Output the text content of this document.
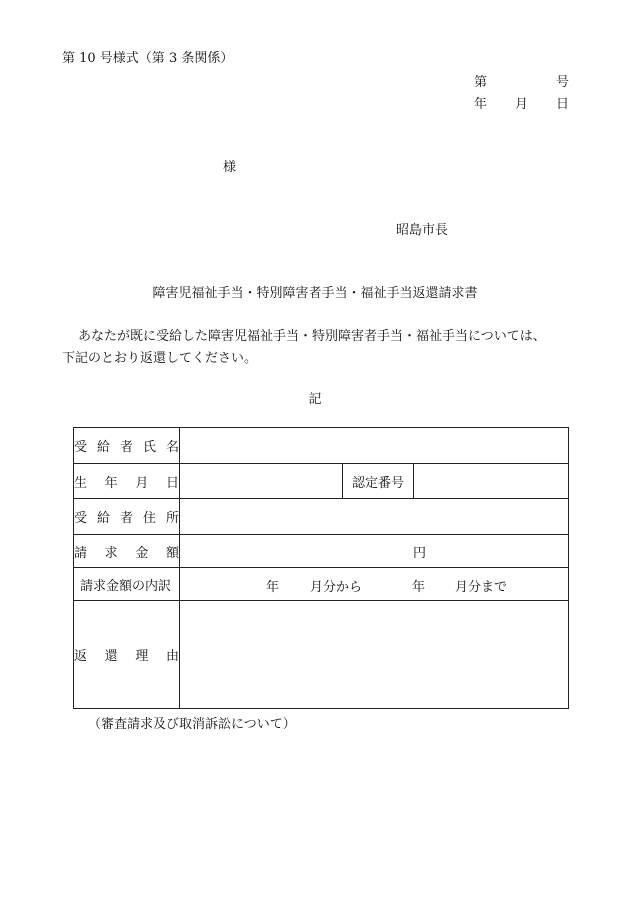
第 10 号様式（第 3 条関係）
第	号
年 月 日
様
昭島市長
障害児福祉手当・特別障害者手当・福祉手当返還請求書
あなたが既に受給した障害児福祉手当・特別障害者手当・福祉手当については、
下記のとおり返還してください。
記
受 給 者 氏 名			

生 年 月 日		認定番号	

受 給 者 住 所			

請 求 金 額	円		
請求金額の内訳	年 月分から 年 月分まで		

返 還 理 由			

（審査請求及び取消訴訟について）
